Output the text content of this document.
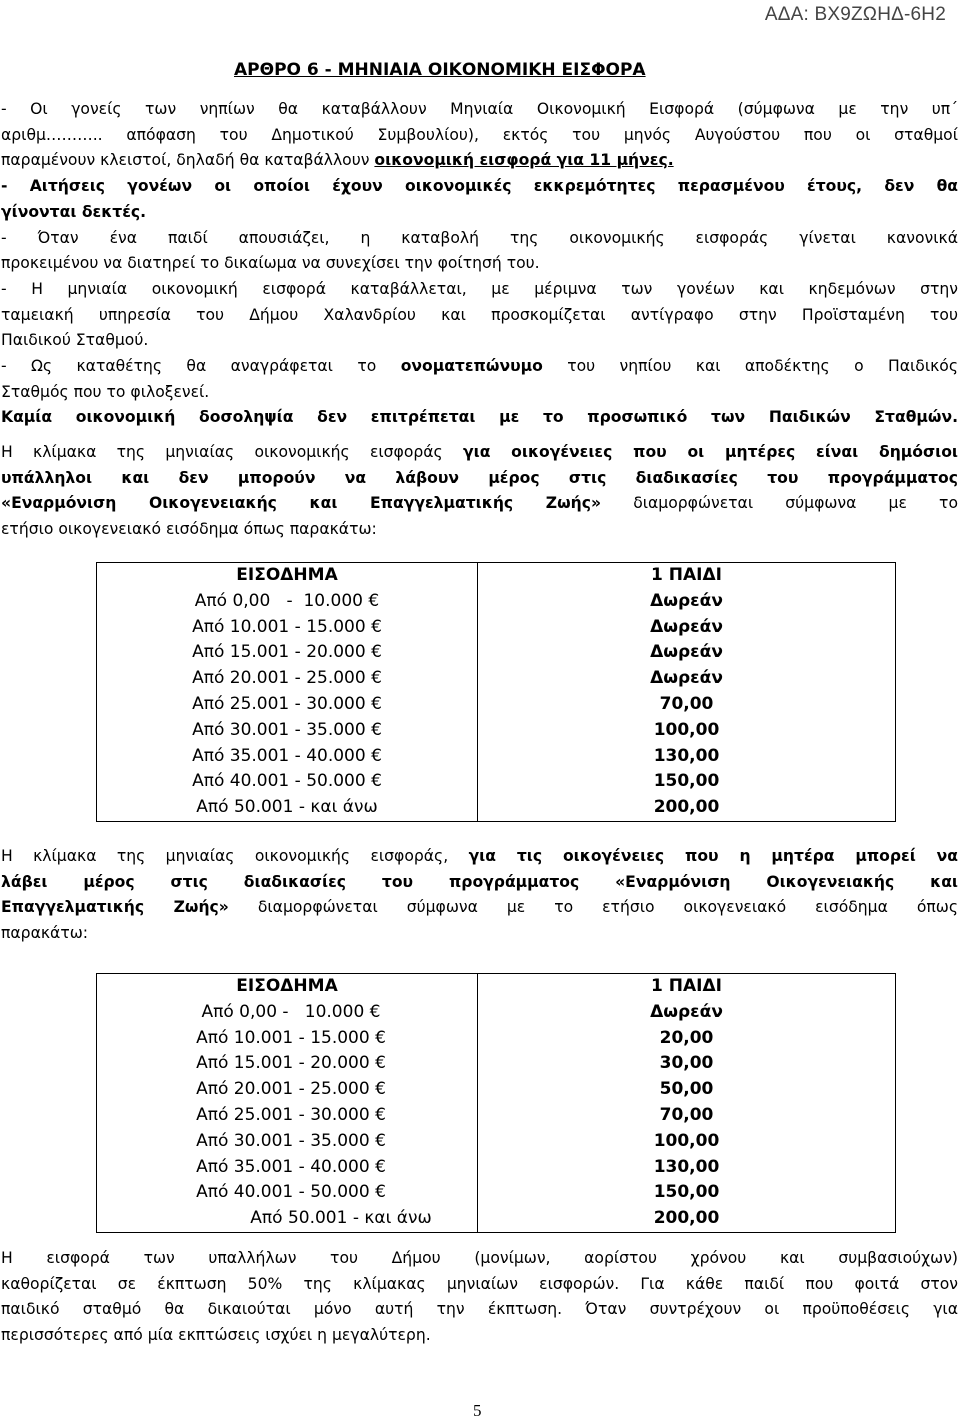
ΑΔΑ: ΒΧ9ΖΩΗΔ-6Η2
ΑΡΘΡΟ 6 - ΜΗΝΙΑΙΑ ΟΙΚΟΝΟΜΙΚΗ ΕΙΣΦΟΡΑ
- Οι γονείς των νηπίων θα καταβάλλουν Μηνιαία Οικονομική Εισφορά (σύμφωνα με την υπ΄
αριθμ……….. απόφαση του Δημοτικού Συμβουλίου), εκτός του μηνός Αυγούστου που οι σταθμοί
παραμένουν κλειστοί, δηλαδή θα καταβάλλουν οικονομική εισφορά για 11 μήνες.
- Αιτήσεις γονέων οι οποίοι έχουν οικονομικές εκκρεμότητες περασμένου έτους, δεν θα
γίνονται δεκτές.
- Όταν ένα παιδί απουσιάζει, η καταβολή της οικονομικής εισφοράς γίνεται κανονικά
προκειμένου να διατηρεί το δικαίωμα να συνεχίσει την φοίτησή του.
- Η μηνιαία οικονομική εισφορά καταβάλλεται, με μέριμνα των γονέων και κηδεμόνων στην
ταμειακή υπηρεσία του Δήμου Χαλανδρίου και προσκομίζεται αντίγραφο στην Προϊσταμένη του
Παιδικού Σταθμού.
- Ως καταθέτης θα αναγράφεται το ονοματεπώνυμο του νηπίου και αποδέκτης ο Παιδικός
Σταθμός που το φιλοξενεί.
Καμία οικονομική δοσοληψία δεν επιτρέπεται με το προσωπικό των Παιδικών Σταθμών.
Η κλίμακα της μηνιαίας οικονομικής εισφοράς για οικογένειες που οι μητέρες είναι δημόσιοι
υπάλληλοι και δεν μπορούν να λάβουν μέρος στις διαδικασίες του προγράμματος
«Εναρμόνιση Οικογενειακής και Επαγγελματικής Ζωής» διαμορφώνεται σύμφωνα με το
ετήσιο οικογενειακό εισόδημα όπως παρακάτω:
ΕΙΣΟΔΗΜΑ	1 ΠΑΙΔΙ
Από 0,00   -  10.000 €	Δωρεάν
Από 10.001 - 15.000 €	Δωρεάν
Από 15.001 - 20.000 €	Δωρεάν
Από 20.001 - 25.000 €	Δωρεάν
Από 25.001 - 30.000 €	70,00
Από 30.001 - 35.000 €	100,00
Από 35.001 - 40.000 €	130,00
Από 40.001 - 50.000 €	150,00
Από 50.001 - και άνω	200,00
Η κλίμακα της μηνιαίας οικονομικής εισφοράς, για τις οικογένειες που η μητέρα μπορεί να
λάβει μέρος στις διαδικασίες του προγράμματος «Εναρμόνιση Οικογενειακής και
Επαγγελματικής Ζωής» διαμορφώνεται σύμφωνα με το ετήσιο οικογενειακό εισόδημα όπως
παρακάτω:
ΕΙΣΟΔΗΜΑ	1 ΠΑΙΔΙ
Από 0,00 -   10.000 €	Δωρεάν
Από 10.001 - 15.000 €	20,00
Από 15.001 - 20.000 €	30,00
Από 20.001 - 25.000 €	50,00
Από 25.001 - 30.000 €	70,00
Από 30.001 - 35.000 €	100,00
Από 35.001 - 40.000 €	130,00
Από 40.001 - 50.000 €	150,00
Από 50.001 - και άνω	200,00
Η εισφορά των υπαλλήλων του Δήμου (μονίμων, αορίστου χρόνου και συμβασιούχων)
καθορίζεται σε έκπτωση 50% της κλίμακας μηνιαίων εισφορών. Για κάθε παιδί που φοιτά στον
παιδικό σταθμό θα δικαιούται μόνο αυτή την έκπτωση. Όταν συντρέχουν οι προϋποθέσεις για
περισσότερες από μία εκπτώσεις ισχύει η μεγαλύτερη.
5
